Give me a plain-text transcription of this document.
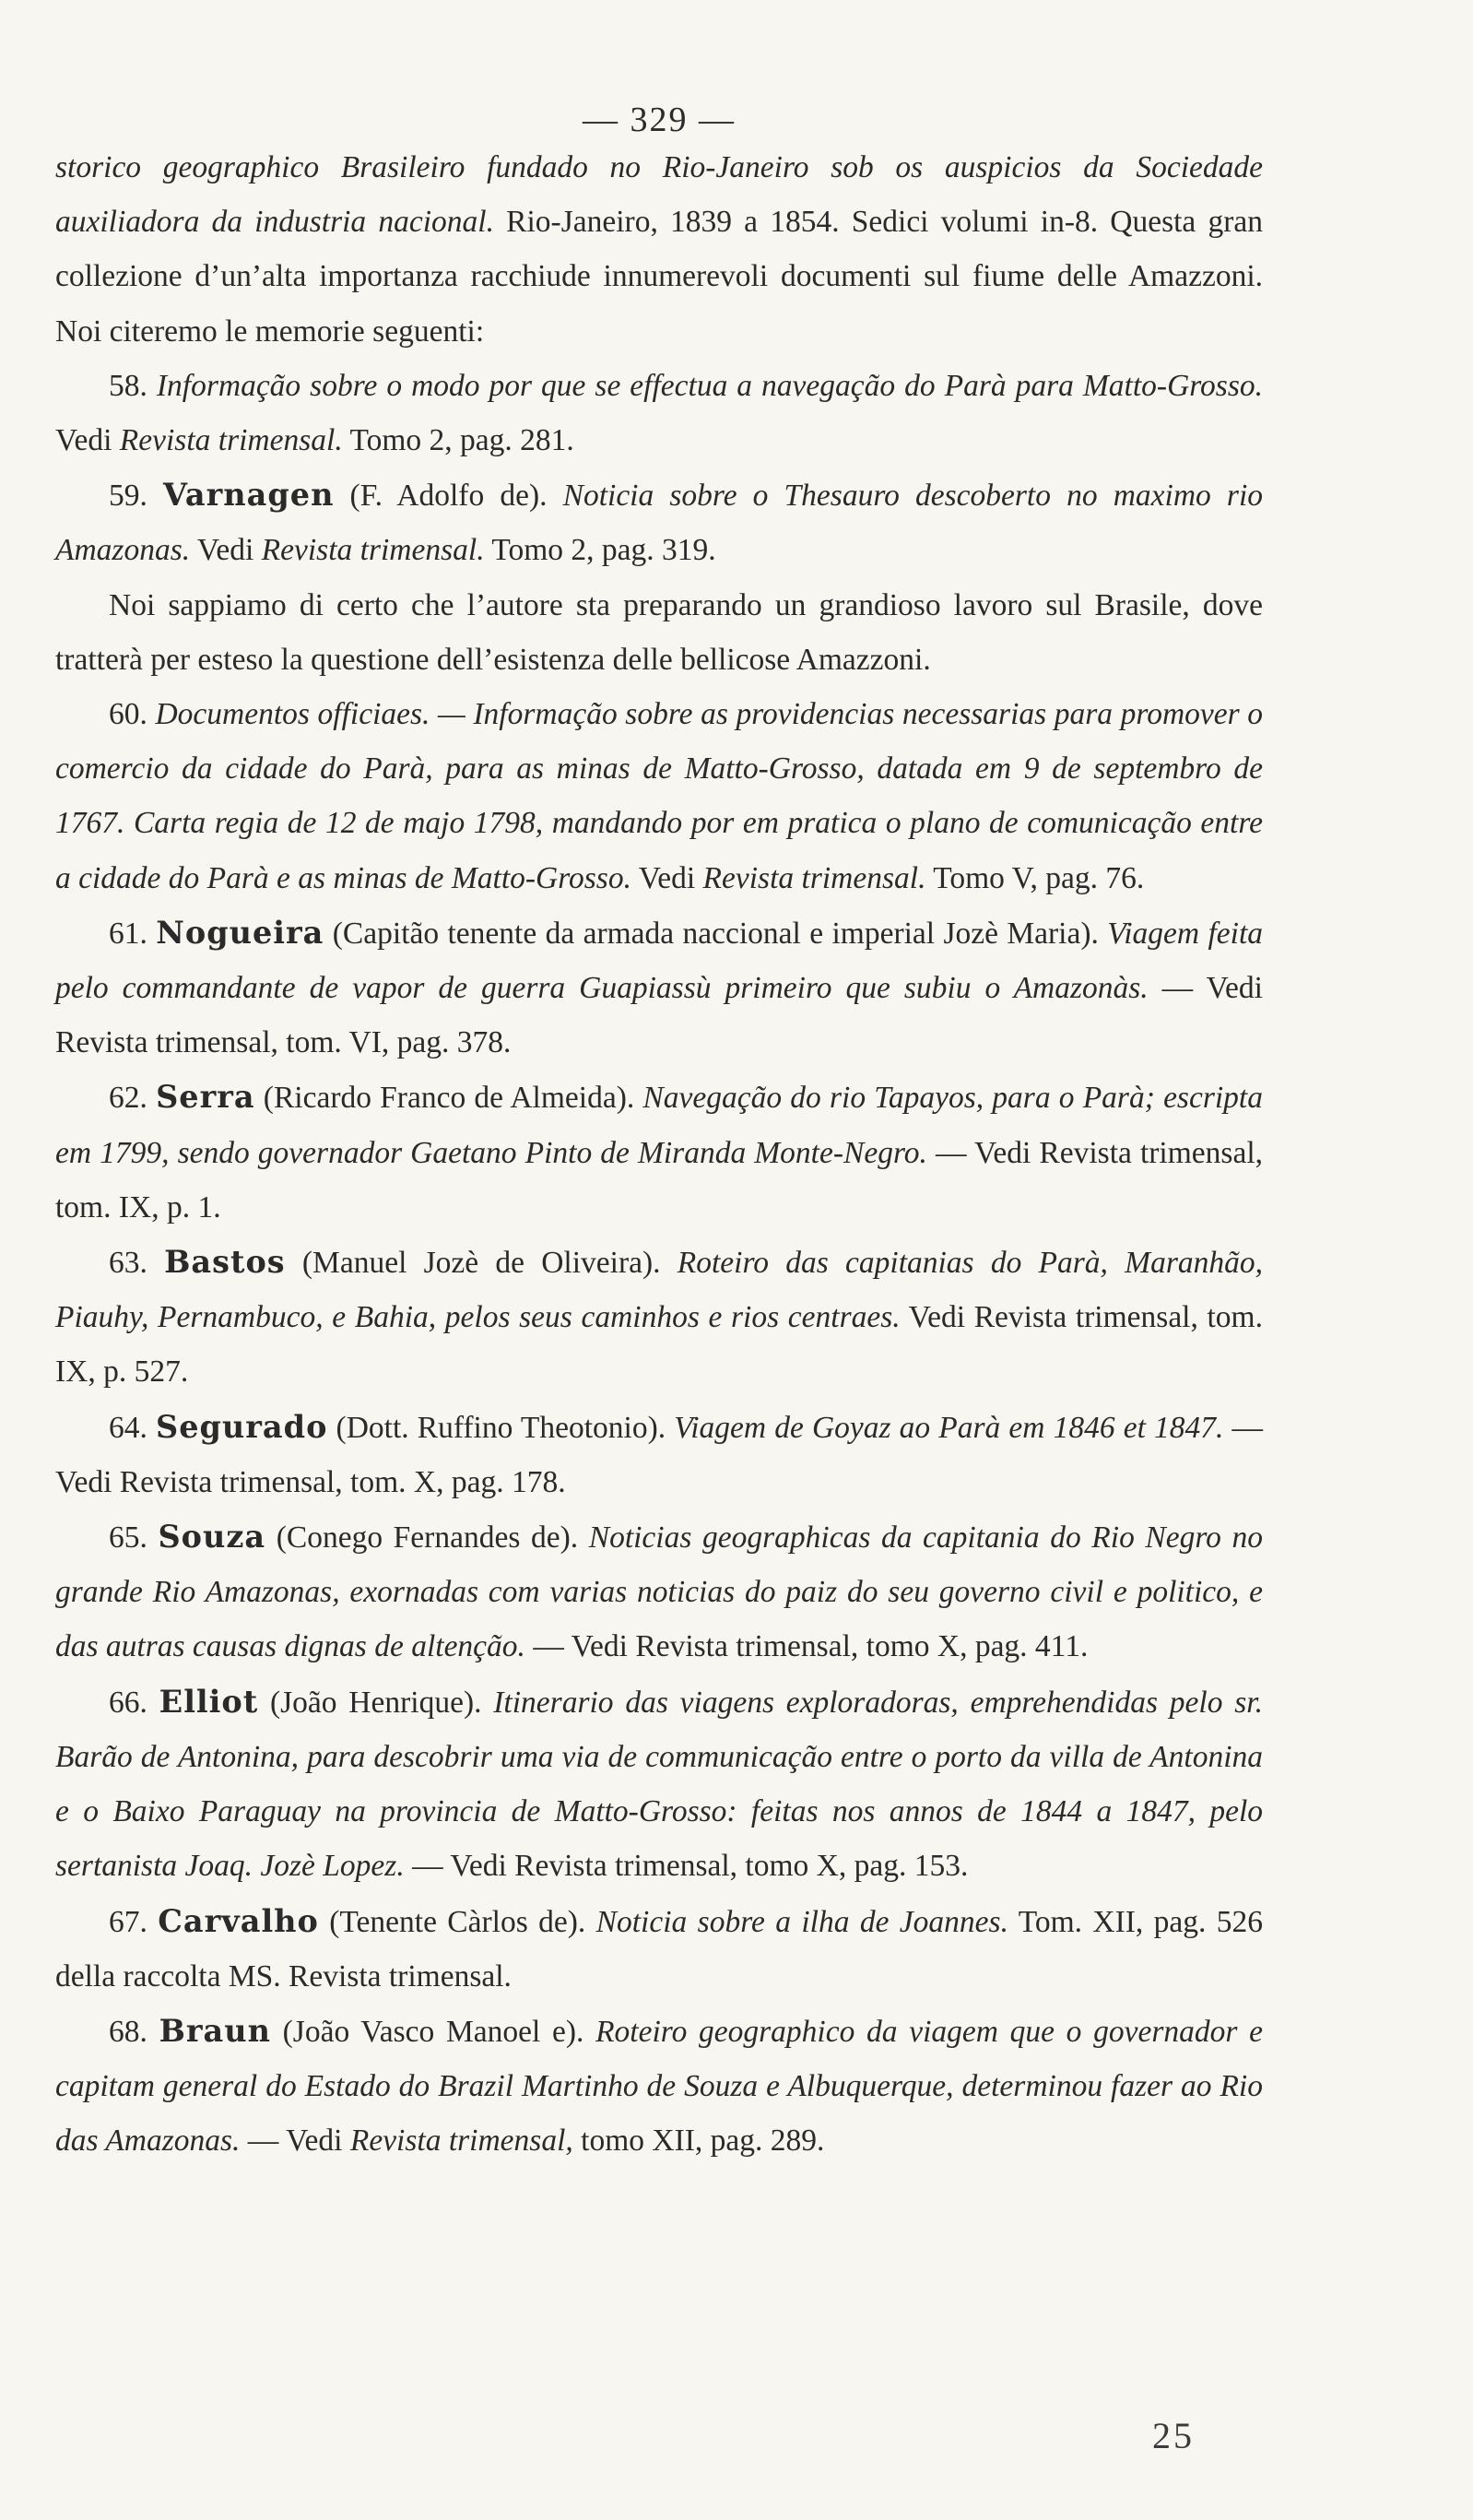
— 329 —

storico geographico Brasileiro fundado no Rio-Janeiro sob os auspicios da Sociedade auxiliadora da industria nacional. Rio-Janeiro, 1839 a 1854. Sedici volumi in-8. Questa gran collezione d’un’alta importanza racchiude innumerevoli documenti sul fiume delle Amazzoni. Noi citeremo le memorie seguenti:

58. Informação sobre o modo por que se effectua a navegação do Parà para Matto-Grosso. Vedi Revista trimensal. Tomo 2, pag. 281.

59. Varnagen (F. Adolfo de). Noticia sobre o Thesauro descoberto no maximo rio Amazonas. Vedi Revista trimensal. Tomo 2, pag. 319.

Noi sappiamo di certo che l’autore sta preparando un grandioso lavoro sul Brasile, dove tratterà per esteso la questione dell’esistenza delle bellicose Amazzoni.

60. Documentos officiaes. — Informação sobre as providencias necessarias para promover o comercio da cidade do Parà, para as minas de Matto-Grosso, datada em 9 de septembro de 1767. Carta regia de 12 de majo 1798, mandando por em pratica o plano de comunicação entre a cidade do Parà e as minas de Matto-Grosso. Vedi Revista trimensal. Tomo V, pag. 76.

61. Nogueira (Capitão tenente da armada naccional e imperial Jozè Maria). Viagem feita pelo commandante de vapor de guerra Guapiassù primeiro que subiu o Amazonàs. — Vedi Revista trimensal, tom. VI, pag. 378.

62. Serra (Ricardo Franco de Almeida). Navegação do rio Tapayos, para o Parà; escripta em 1799, sendo governador Gaetano Pinto de Miranda Monte-Negro. — Vedi Revista trimensal, tom. IX, p. 1.

63. Bastos (Manuel Jozè de Oliveira). Roteiro das capitanias do Parà, Maranhão, Piauhy, Pernambuco, e Bahia, pelos seus caminhos e rios centraes. Vedi Revista trimensal, tom. IX, p. 527.

64. Segurado (Dott. Ruffino Theotonio). Viagem de Goyaz ao Parà em 1846 et 1847. — Vedi Revista trimensal, tom. X, pag. 178.

65. Souza (Conego Fernandes de). Noticias geographicas da capitania do Rio Negro no grande Rio Amazonas, exornadas com varias noticias do paiz do seu governo civil e politico, e das autras causas dignas de altenção. — Vedi Revista trimensal, tomo X, pag. 411.

66. Elliot (João Henrique). Itinerario das viagens exploradoras, emprehendidas pelo sr. Barão de Antonina, para descobrir uma via de communicação entre o porto da villa de Antonina e o Baixo Paraguay na provincia de Matto-Grosso: feitas nos annos de 1844 a 1847, pelo sertanista Joaq. Jozè Lopez. — Vedi Revista trimensal, tomo X, pag. 153.

67. Carvalho (Tenente Càrlos de). Noticia sobre a ilha de Joannes. Tom. XII, pag. 526 della raccolta MS. Revista trimensal.

68. Braun (João Vasco Manoel e). Roteiro geographico da viagem que o governador e capitam general do Estado do Brazil Martinho de Souza e Albuquerque, determinou fazer ao Rio das Amazonas. — Vedi Revista trimensal, tomo XII, pag. 289.

25
